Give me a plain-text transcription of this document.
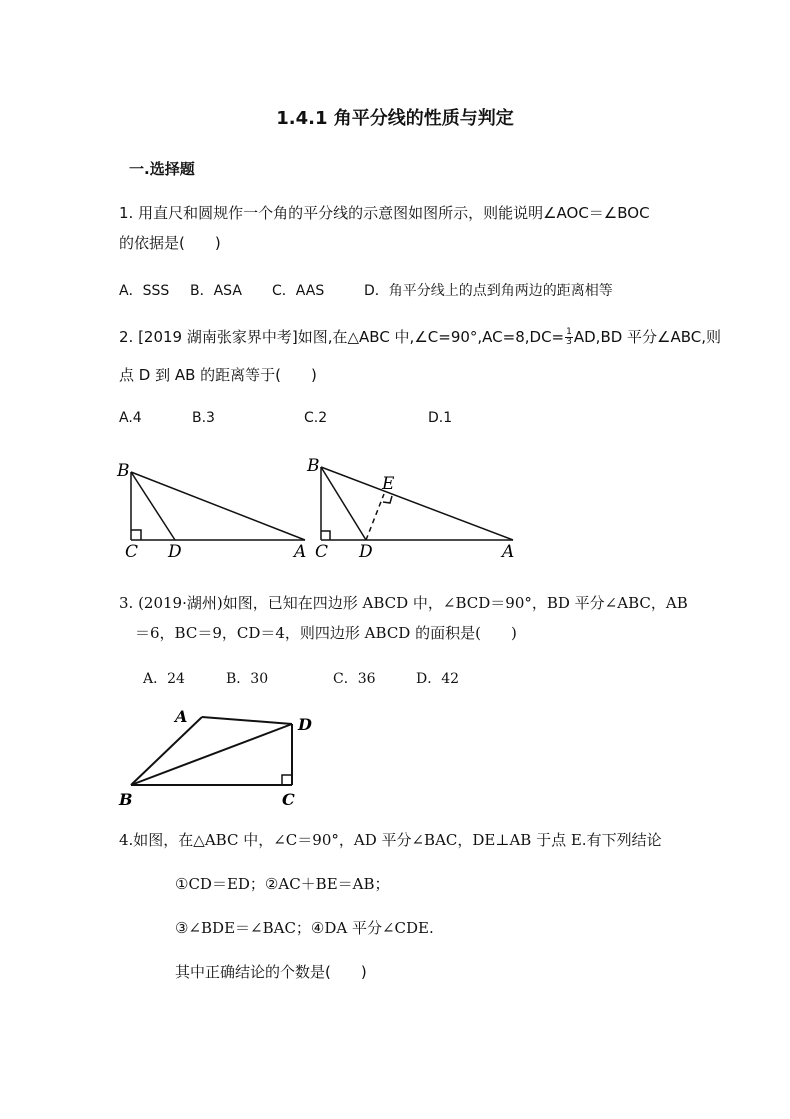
1.4.1 角平分线的性质与判定
一.选择题
1. 用直尺和圆规作一个角的平分线的示意图如图所示，则能说明∠AOC＝∠BOC
的依据是(　　)
A．SSS B．ASA C．AAS	D．角平分线上的点到角两边的距离相等
2. [2019 湖南张家界中考]如图,在△ABC 中,∠C=90°,AC=8,DC= $\frac{1}{3} AD,BD$ 平分∠ABC,则
点 D 到 AB 的距离等于(　　)
A.4	B.3	C.2	D.1
B
C D	A
B
E
C D	A
3. (2019·湖州)如图，已知在四边形 ABCD 中，∠BCD＝90°，BD 平分∠ABC，AB
＝6，BC＝9，CD＝4，则四边形 ABCD 的面积是(　　)
A．24	B．30	C．36	D．42
A	D
B	C
4.如图，在△ABC 中，∠C＝90°，AD 平分∠BAC，DE⊥AB 于点 E.有下列结论
①CD＝ED；②AC＋BE＝AB；
③∠BDE＝∠BAC；④DA 平分∠CDE.
其中正确结论的个数是(　　)
